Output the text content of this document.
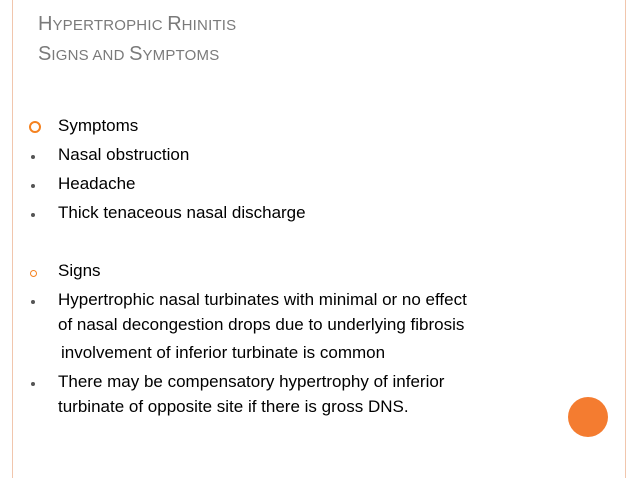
HYPERTROPHIC RHINITIS
SIGNS AND SYMPTOMS
Symptoms
Nasal obstruction
Headache
Thick tenaceous nasal discharge
Signs
Hypertrophic nasal turbinates with minimal or no effect
of nasal decongestion drops due to underlying fibrosis
involvement of inferior turbinate is common
There may be compensatory hypertrophy of inferior
turbinate of opposite site if there is gross DNS.
